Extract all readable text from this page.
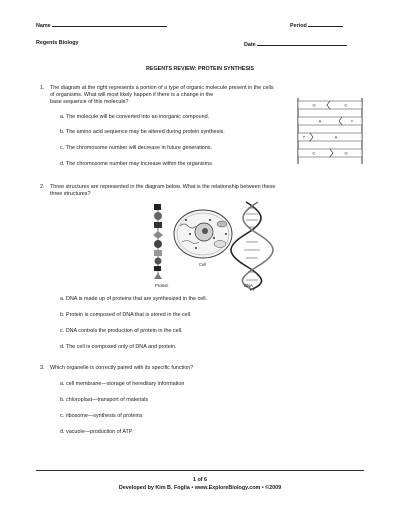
Name	Period
Regents Biology	Date
REGENTS REVIEW: PROTEIN SYNTHESIS
1. The diagram at the right represents a portion of a type of organic molecule present in the cells
of organisms. What will most likely happen if there is a change in the
base sequence of this molecule?
a. The molecule will be converted into an inorganic compound.
b. The amino acid sequence may be altered during protein synthesis.
c. The chromosome number will decrease in future generations.
d. The chromosome number may increase within the organisms.
G	C
A	T
T	A
C	G
2. Three structures are represented in the diagram below. What is the relationship between these
three structures?
Protein
Cell
DNA
a. DNA is made up of proteins that are synthesized in the cell.
b. Protein is composed of DNA that is stored in the cell.
c. DNA controls the production of protein in the cell.
d. The cell is composed only of DNA and protein.
3. Which organelle is correctly paired with its specific function?
a. cell membrane—storage of hereditary information
b. chloroplast—transport of materials
c. ribosome—synthesis of proteins
d. vacuole—production of ATP
1 of 6
Developed by Kim B. Foglia • www.ExploreBiology.com • ©2009
